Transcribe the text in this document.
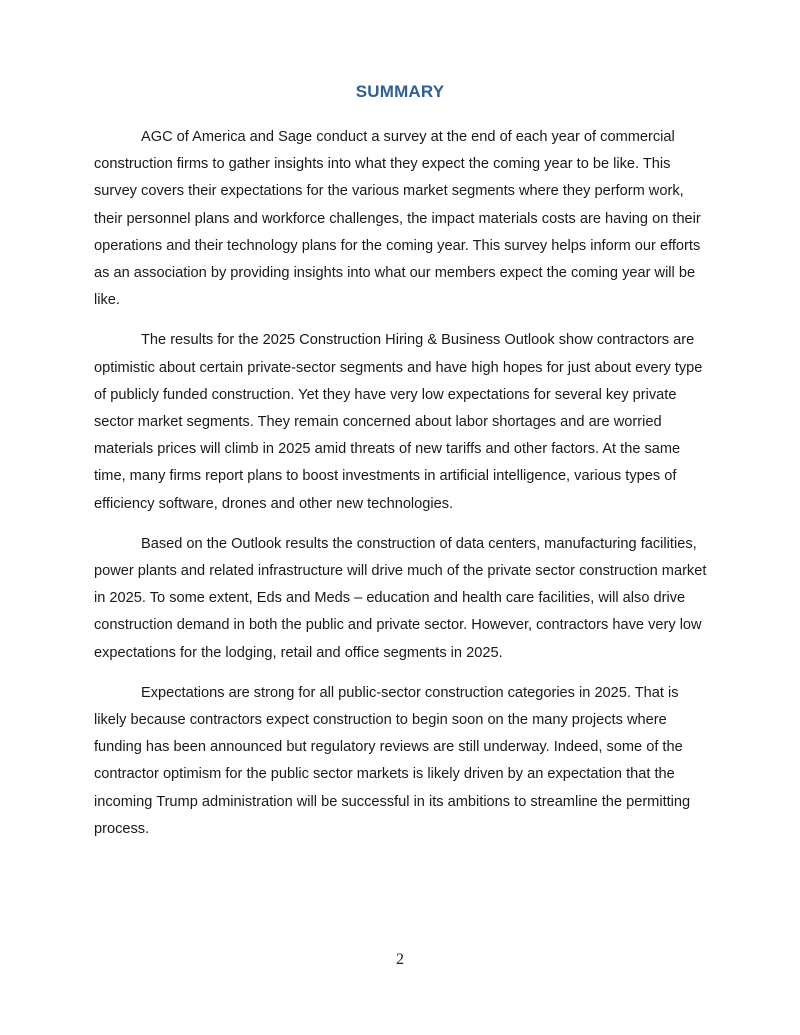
SUMMARY

AGC of America and Sage conduct a survey at the end of each year of commercial construction firms to gather insights into what they expect the coming year to be like. This survey covers their expectations for the various market segments where they perform work, their personnel plans and workforce challenges, the impact materials costs are having on their operations and their technology plans for the coming year. This survey helps inform our efforts as an association by providing insights into what our members expect the coming year will be like.

The results for the 2025 Construction Hiring & Business Outlook show contractors are optimistic about certain private-sector segments and have high hopes for just about every type of publicly funded construction. Yet they have very low expectations for several key private sector market segments. They remain concerned about labor shortages and are worried materials prices will climb in 2025 amid threats of new tariffs and other factors. At the same time, many firms report plans to boost investments in artificial intelligence, various types of efficiency software, drones and other new technologies.

Based on the Outlook results the construction of data centers, manufacturing facilities, power plants and related infrastructure will drive much of the private sector construction market in 2025. To some extent, Eds and Meds – education and health care facilities, will also drive construction demand in both the public and private sector. However, contractors have very low expectations for the lodging, retail and office segments in 2025.

Expectations are strong for all public-sector construction categories in 2025. That is likely because contractors expect construction to begin soon on the many projects where funding has been announced but regulatory reviews are still underway. Indeed, some of the contractor optimism for the public sector markets is likely driven by an expectation that the incoming Trump administration will be successful in its ambitions to streamline the permitting process.

2
